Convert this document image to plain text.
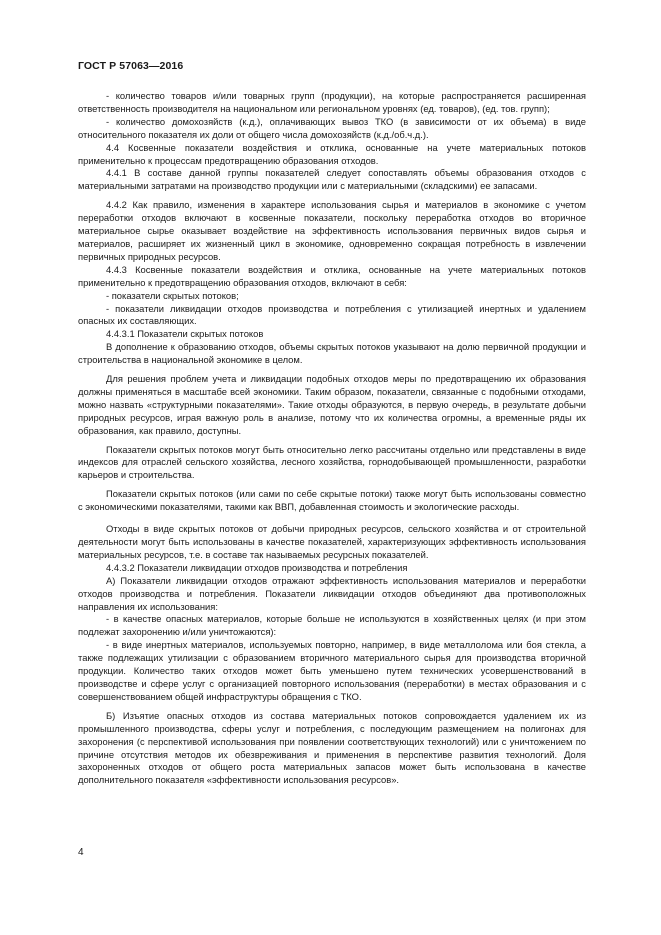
ГОСТ Р 57063—2016

- количество товаров и/или товарных групп (продукции), на которые распространяется расширенная ответственность производителя на национальном или региональном уровнях (ед. товаров), (ед. тов. групп);

- количество домохозяйств (к.д.), оплачивающих вывоз ТКО (в зависимости от их объема) в виде относительного показателя их доли от общего числа домохозяйств (к.д./об.ч.д.).

4.4 Косвенные показатели воздействия и отклика, основанные на учете материальных потоков применительно к процессам предотвращению образования отходов.

4.4.1 В составе данной группы показателей следует сопоставлять объемы образования отходов с материальными затратами на производство продукции или с материальными (складскими) ее запасами.

4.4.2 Как правило, изменения в характере использования сырья и материалов в экономике с учетом переработки отходов включают в косвенные показатели, поскольку переработка отходов во вторичное материальное сырье оказывает воздействие на эффективность использования первичных видов сырья и материалов, расширяет их жизненный цикл в экономике, одновременно сокращая потребность в извлечении первичных природных ресурсов.

4.4.3 Косвенные показатели воздействия и отклика, основанные на учете материальных потоков применительно к предотвращению образования отходов, включают в себя:

- показатели скрытых потоков;

- показатели ликвидации отходов производства и потребления с утилизацией инертных и удалением опасных их составляющих.

4.4.3.1 Показатели скрытых потоков

В дополнение к образованию отходов, объемы скрытых потоков указывают на долю первичной продукции и строительства в национальной экономике в целом.

Для решения проблем учета и ликвидации подобных отходов меры по предотвращению их образования должны применяться в масштабе всей экономики. Таким образом, показатели, связанные с подобными отходами, можно назвать «структурными показателями». Такие отходы образуются, в первую очередь, в результате добычи природных ресурсов, играя важную роль в анализе, потому что их количества огромны, а временные ряды их образования, как правило, доступны.

Показатели скрытых потоков могут быть относительно легко рассчитаны отдельно или представлены в виде индексов для отраслей сельского хозяйства, лесного хозяйства, горнодобывающей промышленности, разработки карьеров и строительства.

Показатели скрытых потоков (или сами по себе скрытые потоки) также могут быть использованы совместно с экономическими показателями, такими как ВВП, добавленная стоимость и экологические расходы.

Отходы в виде скрытых потоков от добычи природных ресурсов, сельского хозяйства и от строительной деятельности могут быть использованы в качестве показателей, характеризующих эффективность использования материальных ресурсов, т.е. в составе так называемых ресурсных показателей.

4.4.3.2 Показатели ликвидации отходов производства и потребления

А) Показатели ликвидации отходов отражают эффективность использования материалов и переработки отходов производства и потребления. Показатели ликвидации отходов объединяют два противоположных направления их использования:

- в качестве опасных материалов, которые больше не используются в хозяйственных целях (и при этом подлежат захоронению и/или уничтожаются):

- в виде инертных материалов, используемых повторно, например, в виде металлолома или боя стекла, а также подлежащих утилизации с образованием вторичного материального сырья для производства вторичной продукции. Количество таких отходов может быть уменьшено путем технических усовершенствований в производстве и сфере услуг с организацией повторного использования (переработки) в местах образования и с совершенствованием общей инфраструктуры обращения с ТКО.

Б) Изъятие опасных отходов из состава материальных потоков сопровождается удалением их из промышленного производства, сферы услуг и потребления, с последующим размещением на полигонах для захоронения (с перспективой использования при появлении соответствующих технологий) или с уничтожением по причине отсутствия методов их обезвреживания и применения в перспективе развития технологий. Доля захороненных отходов от общего роста материальных запасов может быть использована в качестве дополнительного показателя «эффективности использования ресурсов».

4
